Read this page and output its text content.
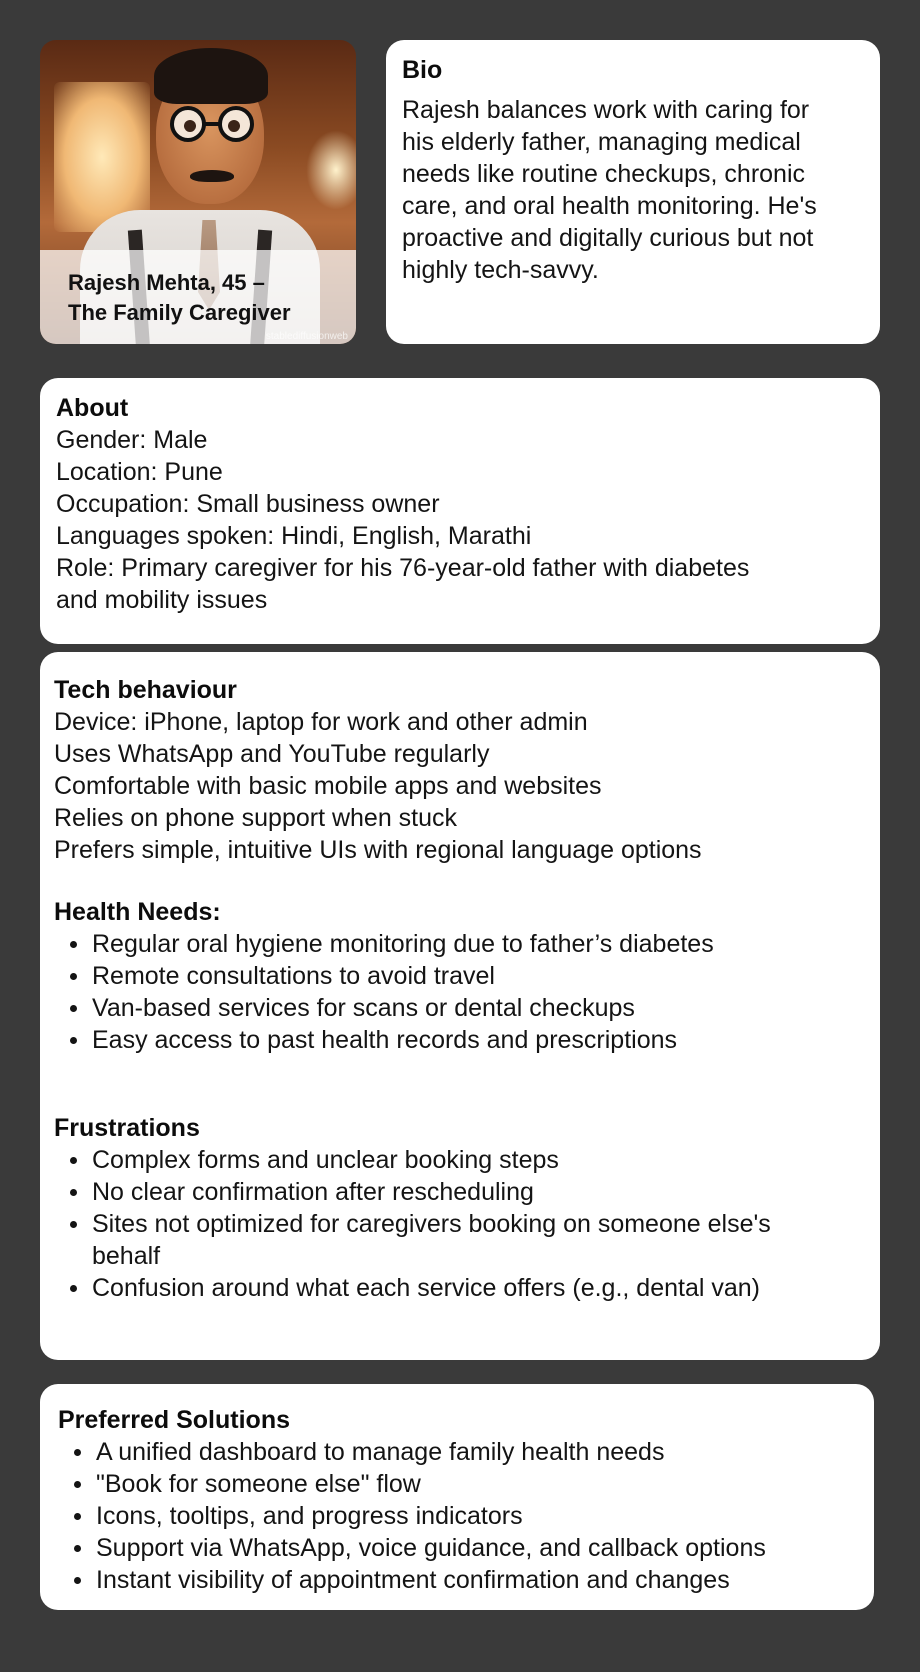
Rajesh Mehta, 45 –

The Family Caregiver

stablediffusionweb
Bio

Rajesh balances work with caring for

his elderly father, managing medical

needs like routine checkups, chronic

care, and oral health monitoring. He's

proactive and digitally curious but not

highly tech-savvy.

About

Gender: Male

Location: Pune

Occupation: Small business owner

Languages spoken: Hindi, English, Marathi

Role: Primary caregiver for his 76-year-old father with diabetes

and mobility issues

Tech behaviour

Device: iPhone, laptop for work and other admin

Uses WhatsApp and YouTube regularly

Comfortable with basic mobile apps and websites

Relies on phone support when stuck

Prefers simple, intuitive UIs with regional language options

Health Needs:
Regular oral hygiene monitoring due to father’s diabetes
Remote consultations to avoid travel
Van-based services for scans or dental checkups
Easy access to past health records and prescriptions
Frustrations
Complex forms and unclear booking steps
No clear confirmation after rescheduling
Sites not optimized for caregivers booking on someone else's behalf
Confusion around what each service offers (e.g., dental van)
Preferred Solutions
A unified dashboard to manage family health needs
"Book for someone else" flow
Icons, tooltips, and progress indicators
Support via WhatsApp, voice guidance, and callback options
Instant visibility of appointment confirmation and changes
